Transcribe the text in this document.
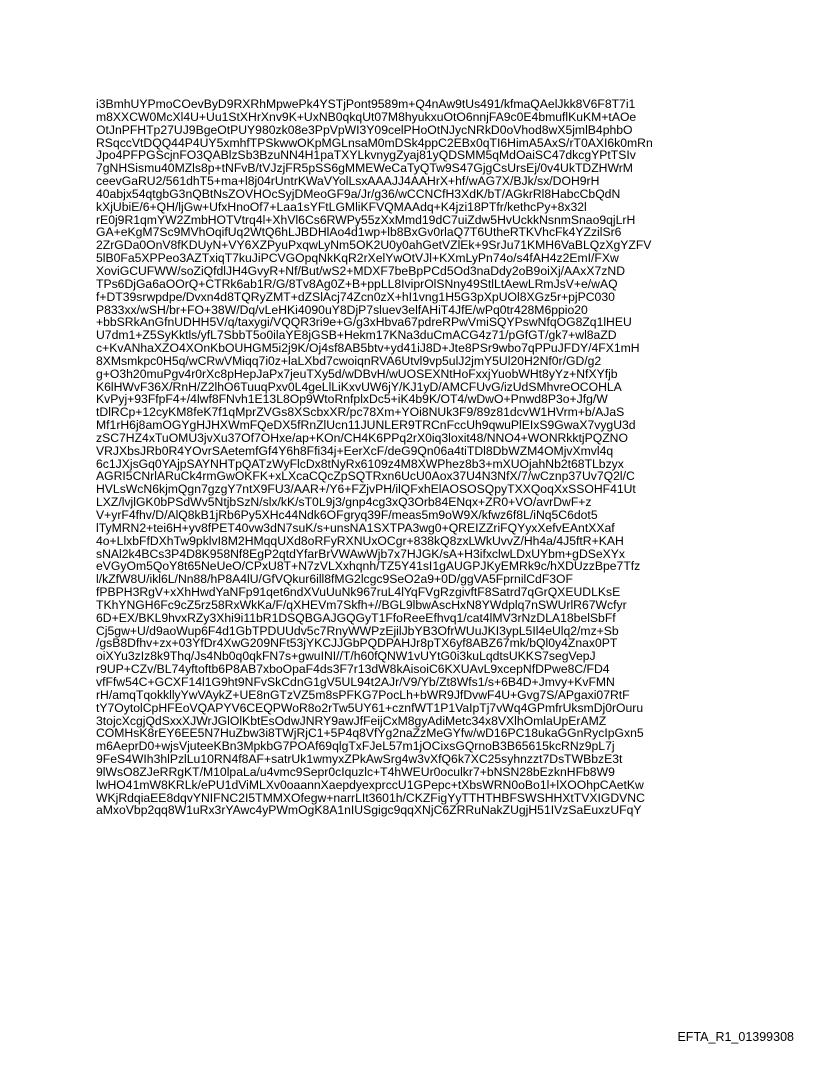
i3BmhUYPmoCOevByD9RXRhMpwePk4YSTjPont9589m+Q4nAw9tUs491/kfmaQAelJkk8V6F8T7i1
m8XXCW0McXl4U+Uu1StXHrXnv9K+UxNB0qkqUt07M8hyukxuOtO6nnjFA9c0E4bmuflKuKM+tAOe
OtJnPFHTp27UJ9BgeOtPUY980zk08e3PpVpWI3Y09celPHoOtNJycNRkD0oVhod8wX5jmlB4phbO
RSqccVtDQQ44P4UY5xmhfTPSkwwOKpMGLnsaM0mDSk4ppC2EBx0qTI6HimA5AxS/rT0AXI6k0mRn
Jpo4PFPGScjnFO3QABlzSb3BzuNN4H1paTXYLkvnygZyaj81yQDSMM5qMdOaiSC47dkcgYPtTSIv
7gNHSismu40MZls8p+tNFvB/tVJzjFR5pSS6gMMEWeCaTyQTw9S47GjgCsUrsEj/0v4UkTDZHWrM
ceevGaRU2/561dhT5+ma+l8j04rUntrKWaVYolLsxAAAJJ4AAHrX+hf/wAG7X/BJk/sx/DOH9rH
40abjx54qtgbG3nQBtNsZOVHOcSyjDMeoGF9a/Jr/g36/wCCNCfH3XdK/bT/AGkrRl8HabcCbQdN
kXjUbiE/6+QH/ljGw+UfxHnoOf7+Laa1sYFtLGMliKFVQMAAdq+K4jzi18PTfr/kethcPy+8x32l
rE0j9R1qmYW2ZmbHOTVtrq4l+XhVl6Cs6RWPy55zXxMmd19dC7uiZdw5HvUckkNsnmSnao9qjLrH
GA+eKgM7Sc9MVhOqifUq2WtQ6hLJBDHlAo4d1wp+lb8BxGv0rlaQ7T6UtheRTKVhcFk4YZzilSr6
2ZrGDa0OnV8fKDUyN+VY6XZPyuPxqwLyNm5OK2U0y0ahGetVZlEk+9SrJu71KMH6VaBLQzXgYZFV
5lB0Fa5XPPeo3AZTxiqT7kuJiPCVGOpqNkKqR2rXelYwOtVJl+KXmLyPn74o/s4fAH4z2EmI/FXw
XoviGCUFWW/soZiQfdlJH4GvyR+Nf/But/wS2+MDXF7beBpPCd5Od3naDdy2oB9oiXj/AAxX7zND
TPs6DjGa6aOOrQ+CTRk6ab1R/G/8Tv8Ag0Z+B+ppLL8IviprOlSNny49StlLtAewLRmJsV+e/wAQ
f+DT39srwpdpe/Dvxn4d8TQRyZMT+dZSlAcj74Zcn0zX+hI1vng1H5G3pXpUOl8XGz5r+pjPC030
P833xx/wSH/br+FO+38W/Dq/vLeHKi4090uY8DjP7sluev3elfAHiT4JfE/wPq0tr428M6ppio20
+bbSRkAnGfnUDHH5V/q/taxygi/VQQR3ri9e+G/g3xHbva67pdreRPwVmiSQYPswNfqOG8Zq1lHEU
U7dm1+Z5SyKktls/yfL7SbbT5o0ilaYE8jGSB+Hekm17KNa3duCmACG4z71/pGfGT/gk7+wl8aZD
c+KvANhaXZO4XOnKbOUHGM5i2j9K/Oj4sf8AB5btv+yd41iJ8D+Jte8PSr9wbo7qPPuJFDY/4FX1mH
8XMsmkpc0H5q/wCRwVMiqq7i0z+laLXbd7cwoiqnRVA6Utvl9vp5ulJ2jmY5Ul20H2Nf0r/GD/g2
g+O3h20muPgv4r0rXc8pHepJaPx7jeuTXy5d/wDBvH/wUOSEXNtHoFxxjYuobWHt8yYz+NfXYfjb
K6lHWvF36X/RnH/Z2lhO6TuuqPxv0L4geLlLiKxvUW6jY/KJ1yD/AMCFUvG/izUdSMhvreOCOHLA
KvPyj+93FfpF4+/4lwf8FNvh1E13L8Op9WtoRnfplxDc5+iK4b9K/OT4/wDwO+Pnwd8P3o+Jfg/W
tDlRCp+12cyKM8feK7f1qMprZVGs8XScbxXR/pc78Xm+YOi8NUk3F9/89z81dcvW1HVrm+b/AJaS
Mf1rH6j8amOGYgHJHXWmFQeDX5fRnZlUcn11JUNLER9TRCnFccUh9qwuPlEIxS9GwaX7vygU3d
zSC7HZ4xTuOMU3jvXu37Of7OHxe/ap+KOn/CH4K6PPq2rX0iq3loxit48/NNO4+WONRkktjPQZNO
VRJXbsJRb0R4YOvrSAetemfGf4Y6h8Ffi34j+EerXcF/deG9Qn06a4tiTDl8DbWZM4OMjvXmvl4q
6c1JXjsGq0YAjpSAYNHTpQATzWyFlcDx8tNyRx6109z4M8XWPhez8b3+mXUOjahNb2t68TLbzyx
AGRI5CNrlARuCk4rmGwOKFK+xLXcaCQcZpSQTRxn6UcU0Aox37U4N3NfX/7/wCznp37Uv7Q2l/C
HVLsWcN6kjmQgn7gzgY7ntX9FU3/AAR+/Y6+FZjvPH/ilQFxhElAOSOSQpyTXXQoqXxSSOHF41Ut
LXZ/lvjlGK0bPSdWv5NtjbSzN/slx/kK/sT0L9j3/gnp4cg3xQ3Orb84ENqx+ZR0+VO/avrDwF+z
V+yrF4fhv/D/AlQ8kB1jRb6Py5XHc44Ndk6OFgryq39F/meas5m9oW9X/kfwz6f8L/iNq5C6dot5
lTyMRN2+tei6H+yv8fPET40vw3dN7suK/s+unsNA1SXTPA3wg0+QREIZZriFQYyxXefvEAntXXaf
4o+LlxbFfDXhTw9pklvI8M2HMqqUXd8oRFyRXNUxOCgr+838kQ8zxLWkUvvZ/Hh4a/4J5ftR+KAH
sNAl2k4BCs3P4D8K958Nf8EgP2qtdYfarBrVWAwWjb7x7HJGK/sA+H3ifxclwLDxUYbm+gDSeXYx
eVGyOm5QoY8t65NeUeO/CPxU8T+N7zVLXxhqnh/TZ5Y41sI1gAUGPJKyEMRk9c/hXDUzzBpe7Tfz
l/kZfW8U/ikl6L/Nn88/hP8A4lU/GfVQkur6ill8fMG2lcgc9SeO2a9+0D/ggVA5FprnilCdF3OF
fPBPH3RgV+xXhHwdYaNFp91qet6ndXVuUuNk967ruL4lYqFVgRzgivftF8Satrd7qGrQXEUDLKsE
TKhYNGH6Fc9cZ5rz58RxWkKa/F/qXHEVm7Skfh+//BGL9lbwAscHxN8YWdplq7nSWUrlR67Wcfyr
6D+EX/BKL9hvxRZy3Xhi9i11bR1DSQBGAJGQGyT1FfoReeEfhvq1/cat4lMV3rNzDLA18belSbFf
Cj5gw+U/d9aoWup6F4d1GbTPDUUdv5c7RnyWWPzEjilJbYB3OfrWUuJKI3ypL5Il4eUlq2/mz+Sb
/gsB8Dfhv+zx+03YfDr4XwG209NFt53jYKCJJGbPQDPAHJr8pTX6yf8ABZ67mk/bQl0y4Znax0PT
oiXYu3zIz8k9Thq/Js4Nb0q0qkFN7s+gwuINI//T/h60fQNW1vUYtG0i3kuLqdtsUKKS7segVepJ
r9UP+CZv/BL74yftoftb6P8AB7xboOpaF4ds3F7r13dW8kAisoiC6KXUAvL9xcepNfDPwe8C/FD4
vfFfw54C+GCXF14l1G9ht9NFvSkCdnG1gV5UL94t2AJr/V9/Yb/Zt8Wfs1/s+6B4D+Jmvy+KvFMN
rH/amqTqokkllyYwVAykZ+UE8nGTzVZ5m8sPFKG7PocLh+bWR9JfDvwF4U+Gvg7S/APgaxi07RtF
tY7OytolCpHFEoVQAPYV6CEQPWoR8o2rTw5UY61+cznfWT1P1VaIpTj7vWq4GPmfrUksmDj0rOuru
3tojcXcgjQdSxxXJWrJGlOlKbtEsOdwJNRY9awJfFeijCxM8gyAdiMetc34x8VXlhOmlaUpErAMZ
COMHsK8rEY6EE5N7HuZbw3i8TWjRjC1+5P4q8VfYg2naZzMeGYfw/wD16PC18ukaGGnRycIpGxn5
m6AeprD0+wjsVjuteeKBn3MpkbG7POAf69qlgTxFJeL57m1jOCixsGQrnoB3B65615kcRNz9pL7j
9FeS4WIh3hlPzlLu10RN4f8AF+satrUk1wmyxZPkAwSrg4w3vXfQ6k7XC25syhnzzt7DsTWBbzE3t
9lWsO8ZJeRRgKT/M10lpaLa/u4vmc9Sepr0cIquzlc+T4hWEUr0oculkr7+bNSN28bEzknHFb8W9
lwHO41mW8KRLk/ePU1dViMLXv0oaannXaepdyexprccU1GPepc+tXbsWRN0oBo1l+lXOOhpCAetKw
WKjRdqiaEE8dqvYNIFNC2I5TMMXOfegw+narrLIt3601h/CKZFigYyTTHTHBFSWSHHXtTVXIGDVNC
aMxoVbp2qq8W1uRx3rYAwc4yPWmOgK8A1nIUSgigc9qqXNjC6ZRRuNakZUgjH51IVzSaEuxzUFqY
EFTA_R1_01399308
